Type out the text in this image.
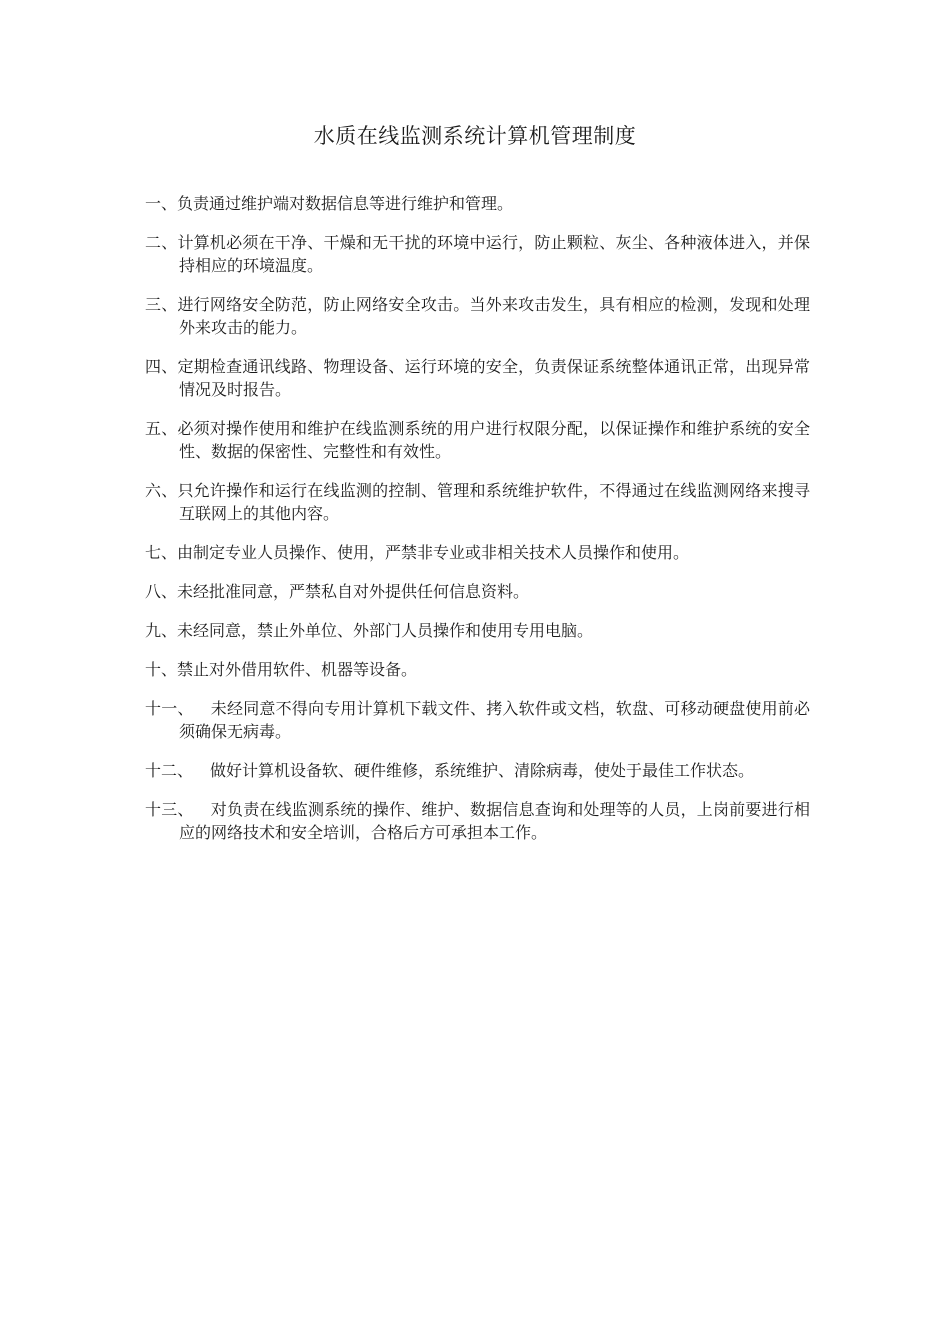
水质在线监测系统计算机管理制度

一、负责通过维护端对数据信息等进行维护和管理。

二、计算机必须在干净、干燥和无干扰的环境中运行，防止颗粒、灰尘、各种液体进入，并保持相应的环境温度。

三、进行网络安全防范，防止网络安全攻击。当外来攻击发生，具有相应的检测，发现和处理外来攻击的能力。

四、定期检查通讯线路、物理设备、运行环境的安全，负责保证系统整体通讯正常，出现异常情况及时报告。

五、必须对操作使用和维护在线监测系统的用户进行权限分配，以保证操作和维护系统的安全性、数据的保密性、完整性和有效性。

六、只允许操作和运行在线监测的控制、管理和系统维护软件，不得通过在线监测网络来搜寻互联网上的其他内容。

七、由制定专业人员操作、使用，严禁非专业或非相关技术人员操作和使用。

八、未经批准同意，严禁私自对外提供任何信息资料。

九、未经同意，禁止外单位、外部门人员操作和使用专用电脑。

十、禁止对外借用软件、机器等设备。

十一、 未经同意不得向专用计算机下载文件、拷入软件或文档，软盘、可移动硬盘使用前必须确保无病毒。

十二、 做好计算机设备软、硬件维修，系统维护、清除病毒，使处于最佳工作状态。

十三、 对负责在线监测系统的操作、维护、数据信息查询和处理等的人员，上岗前要进行相应的网络技术和安全培训，合格后方可承担本工作。
